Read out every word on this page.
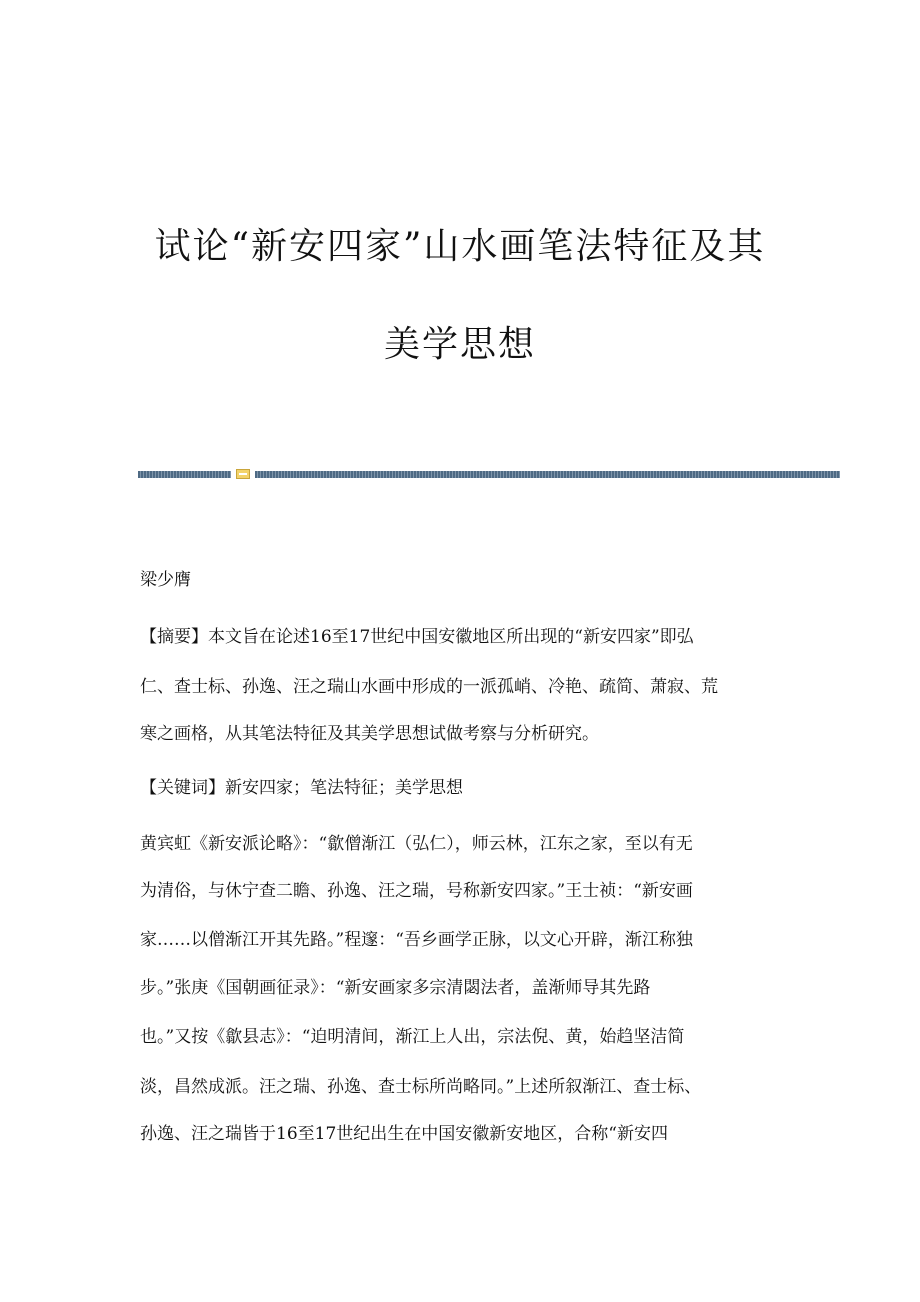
试论“新安四家”山水画笔法特征及其
美学思想
梁少膺
【摘要】本文旨在论述16至17世纪中国安徽地区所出现的“新安四家”即弘
仁、查士标、孙逸、汪之瑞山水画中形成的一派孤峭、冷艳、疏简、萧寂、荒
寒之画格，从其笔法特征及其美学思想试做考察与分析研究。
【关键词】新安四家；笔法特征；美学思想
黄宾虹《新安派论略》：“歙僧渐江（弘仁），师云林，江东之家，至以有无
为清俗，与休宁查二瞻、孙逸、汪之瑞，号称新安四家。”王士祯：“新安画
家……以僧渐江开其先路。”程邃：“吾乡画学正脉，以文心开辟，渐江称独
步。”张庚《国朝画征录》：“新安画家多宗清閟法者，盖渐师导其先路
也。”又按《歙县志》：“迫明清间，渐江上人出，宗法倪、黄，始趋坚洁简
淡，昌然成派。汪之瑞、孙逸、查士标所尚略同。”上述所叙渐江、查士标、
孙逸、汪之瑞皆于16至17世纪出生在中国安徽新安地区，合称“新安四
